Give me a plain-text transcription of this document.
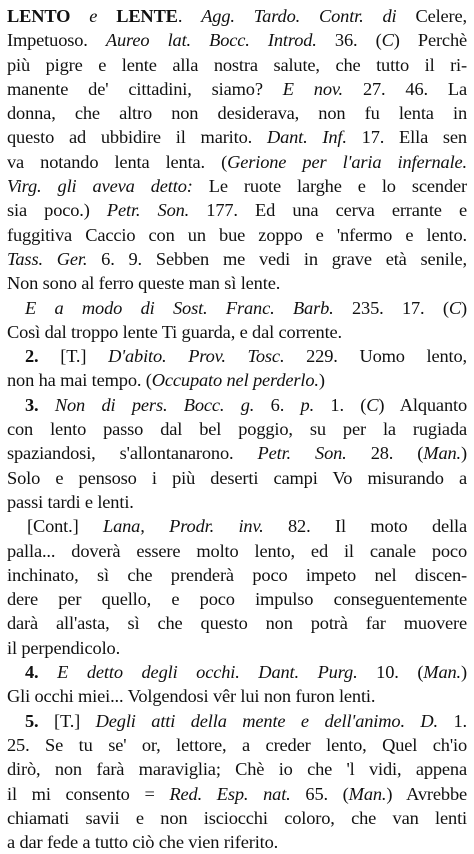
LENTO e LENTE. Agg. Tardo. Contr. di Celere,
Impetuoso. Aureo lat. Bocc. Introd. 36. (C) Perchè
più pigre e lente alla nostra salute, che tutto il ri-
manente de' cittadini, siamo? E nov. 27. 46. La
donna, che altro non desiderava, non fu lenta in
questo ad ubbidire il marito. Dant. Inf. 17. Ella sen
va notando lenta lenta. (Gerione per l'aria infernale.
Virg. gli aveva detto: Le ruote larghe e lo scender
sia poco.) Petr. Son. 177. Ed una cerva errante e
fuggitiva Caccio con un bue zoppo e 'nfermo e lento.
Tass. Ger. 6. 9. Sebben me vedi in grave età senile,
Non sono al ferro queste man sì lente.
E a modo di Sost. Franc. Barb. 235. 17. (C)
Così dal troppo lente Ti guarda, e dal corrente.
2. [T.] D'abito. Prov. Tosc. 229. Uomo lento,
non ha mai tempo. (Occupato nel perderlo.)
3. Non di pers. Bocc. g. 6. p. 1. (C) Alquanto
con lento passo dal bel poggio, su per la rugiada
spaziandosi, s'allontanarono. Petr. Son. 28. (Man.)
Solo e pensoso i più deserti campi Vo misurando a
passi tardi e lenti.
[Cont.] Lana, Prodr. inv. 82. Il moto della
palla... doverà essere molto lento, ed il canale poco
inchinato, sì che prenderà poco impeto nel discen-
dere per quello, e poco impulso conseguentemente
darà all'asta, sì che questo non potrà far muovere
il perpendicolo.
4. E detto degli occhi. Dant. Purg. 10. (Man.)
Gli occhi miei... Volgendosi vêr lui non furon lenti.
5. [T.] Degli atti della mente e dell'animo. D. 1.
25. Se tu se' or, lettore, a creder lento, Quel ch'io
dirò, non farà maraviglia; Chè io che 'l vidi, appena
il mi consento = Red. Esp. nat. 65. (Man.) Avrebbe
chiamati savii e non isciocchi coloro, che van lenti
a dar fede a tutto ciò che vien riferito.
